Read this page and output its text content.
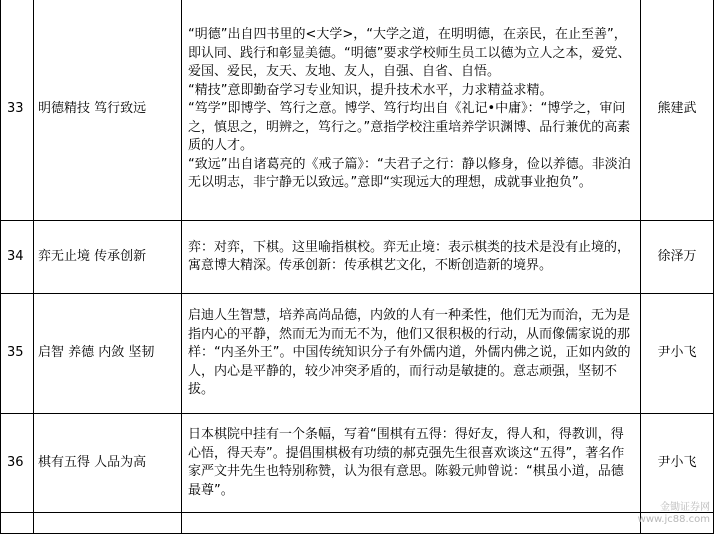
33	明德精技 笃行致远	“明德”出自四书里的<大学>，“大学之道，在明明德，在亲民，在止至善”，即认同、践行和彰显美德。“明德”要求学校师生员工以德为立人之本，爱党、爱国、爱民，友天、友地、友人，自强、自省、自悟。
“精技”意即勤奋学习专业知识，提升技术水平，力求精益求精。
“笃学”即博学、笃行之意。博学、笃行均出自《礼记•中庸》：“博学之，审问之，慎思之，明辨之，笃行之。”意指学校注重培养学识渊博、品行兼优的高素质的人才。
“致远”出自诸葛亮的《戒子篇》：“夫君子之行：静以修身，俭以养德。非淡泊无以明志，非宁静无以致远。”意即“实现远大的理想，成就事业抱负”。	熊建武
34	弈无止境 传承创新	弈：对弈，下棋。这里喻指棋校。弈无止境：表示棋类的技术是没有止境的，寓意博大精深。传承创新：传承棋艺文化，不断创造新的境界。	徐泽万
35	启智 养德 内敛 坚韧	启迪人生智慧，培养高尚品德，内敛的人有一种柔性，他们无为而治，无为是指内心的平静，然而无为而无不为，他们又很积极的行动，从而像儒家说的那样：“内圣外王”。中国传统知识分子有外儒内道，外儒内佛之说，正如内敛的人，内心是平静的，较少冲突矛盾的，而行动是敏捷的。意志顽强，坚韧不拔。	尹小飞
36	棋有五得 人品为高	日本棋院中挂有一个条幅，写着“围棋有五得：得好友，得人和，得教训，得心悟，得天寿”。提倡围棋极有功绩的郝克强先生很喜欢谈这“五得”，著名作家严文井先生也特别称赞，认为很有意思。陈毅元帅曾说：“棋虽小道，品德最尊”。	尹小飞

金锄证券网
www.jc88.com
